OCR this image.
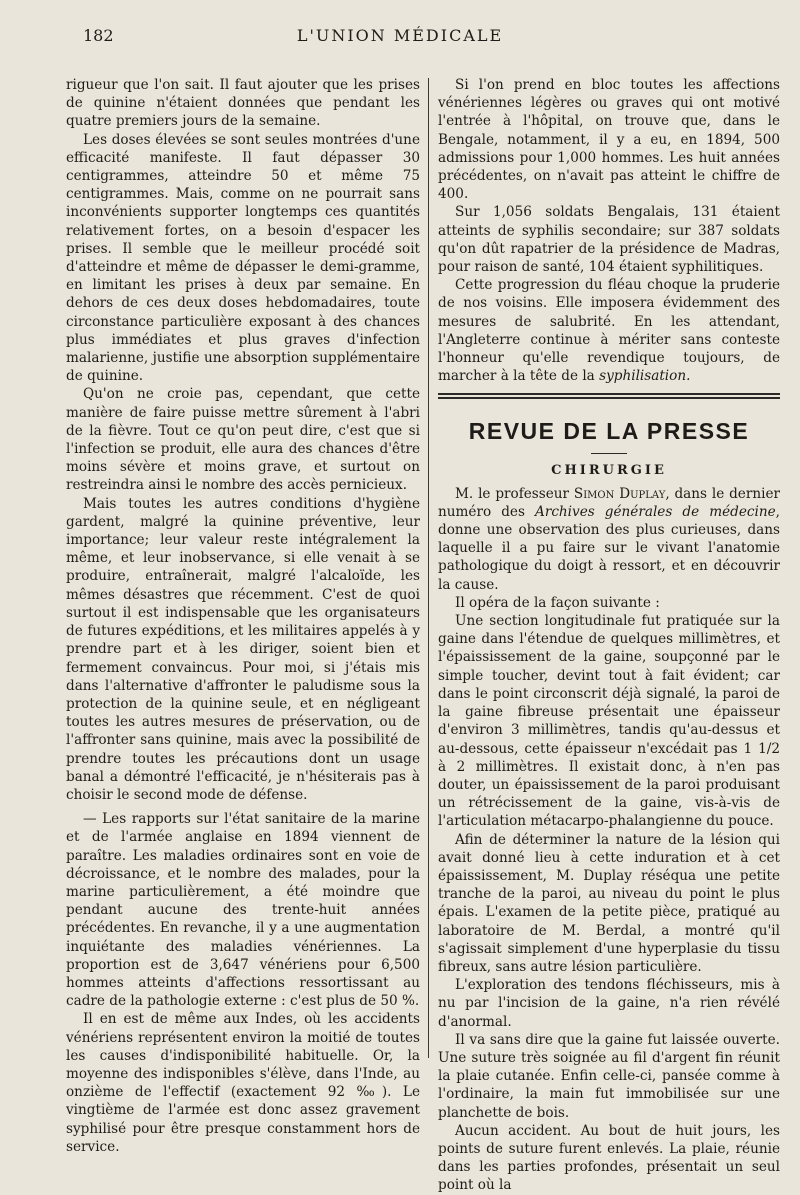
182	L'UNION MÉDICALE

rigueur que l'on sait. Il faut ajouter que les prises de quinine n'étaient données que pendant les quatre premiers jours de la semaine.

Les doses élevées se sont seules montrées d'une efficacité manifeste. Il faut dépasser 30 centigrammes, atteindre 50 et même 75 centigrammes. Mais, comme on ne pourrait sans inconvénients supporter longtemps ces quantités relativement fortes, on a besoin d'espacer les prises. Il semble que le meilleur procédé soit d'atteindre et même de dépasser le demi-gramme, en limitant les prises à deux par semaine. En dehors de ces deux doses hebdomadaires, toute circonstance particulière exposant à des chances plus immédiates et plus graves d'infection malarienne, justifie une absorption supplémentaire de quinine.

Qu'on ne croie pas, cependant, que cette manière de faire puisse mettre sûrement à l'abri de la fièvre. Tout ce qu'on peut dire, c'est que si l'infection se produit, elle aura des chances d'être moins sévère et moins grave, et surtout on restreindra ainsi le nombre des accès pernicieux.

Mais toutes les autres conditions d'hygiène gardent, malgré la quinine préventive, leur importance; leur valeur reste intégralement la même, et leur inobservance, si elle venait à se produire, entraînerait, malgré l'alcaloïde, les mêmes désastres que récemment. C'est de quoi surtout il est indispensable que les organisateurs de futures expéditions, et les militaires appelés à y prendre part et à les diriger, soient bien et fermement convaincus. Pour moi, si j'étais mis dans l'alternative d'affronter le paludisme sous la protection de la quinine seule, et en négligeant toutes les autres mesures de préservation, ou de l'affronter sans quinine, mais avec la possibilité de prendre toutes les précautions dont un usage banal a démontré l'efficacité, je n'hésiterais pas à choisir le second mode de défense.

— Les rapports sur l'état sanitaire de la marine et de l'armée anglaise en 1894 viennent de paraître. Les maladies ordinaires sont en voie de décroissance, et le nombre des malades, pour la marine particulièrement, a été moindre que pendant aucune des trente-huit années précédentes. En revanche, il y a une augmentation inquiétante des maladies vénériennes. La proportion est de 3,647 vénériens pour 6,500 hommes atteints d'affections ressortissant au cadre de la pathologie externe : c'est plus de 50 %.

Il en est de même aux Indes, où les accidents vénériens représentent environ la moitié de toutes les causes d'indisponibilité habituelle. Or, la moyenne des indisponibles s'élève, dans l'Inde, au onzième de l'effectif (exactement 92 ‰). Le vingtième de l'armée est donc assez gravement syphilisé pour être presque constamment hors de service.

Si l'on prend en bloc toutes les affections vénériennes légères ou graves qui ont motivé l'entrée à l'hôpital, on trouve que, dans le Bengale, notamment, il y a eu, en 1894, 500 admissions pour 1,000 hommes. Les huit années précédentes, on n'avait pas atteint le chiffre de 400.

Sur 1,056 soldats Bengalais, 131 étaient atteints de syphilis secondaire; sur 387 soldats qu'on dût rapatrier de la présidence de Madras, pour raison de santé, 104 étaient syphilitiques.

Cette progression du fléau choque la pruderie de nos voisins. Elle imposera évidemment des mesures de salubrité. En les attendant, l'Angleterre continue à mériter sans conteste l'honneur qu'elle revendique toujours, de marcher à la tête de la syphilisation.

REVUE DE LA PRESSE
CHIRURGIE

M. le professeur Simon Duplay, dans le dernier numéro des Archives générales de médecine, donne une observation des plus curieuses, dans laquelle il a pu faire sur le vivant l'anatomie pathologique du doigt à ressort, et en découvrir la cause.

Il opéra de la façon suivante :

Une section longitudinale fut pratiquée sur la gaine dans l'étendue de quelques millimètres, et l'épaississement de la gaine, soupçonné par le simple toucher, devint tout à fait évident; car dans le point circonscrit déjà signalé, la paroi de la gaine fibreuse présentait une épaisseur d'environ 3 millimètres, tandis qu'au-dessus et au-dessous, cette épaisseur n'excédait pas 1 1/2 à 2 millimètres. Il existait donc, à n'en pas douter, un épaississement de la paroi produisant un rétrécissement de la gaine, vis-à-vis de l'articulation métacarpo-phalangienne du pouce.

Afin de déterminer la nature de la lésion qui avait donné lieu à cette induration et à cet épaississement, M. Duplay réséqua une petite tranche de la paroi, au niveau du point le plus épais. L'examen de la petite pièce, pratiqué au laboratoire de M. Berdal, a montré qu'il s'agissait simplement d'une hyperplasie du tissu fibreux, sans autre lésion particulière.

L'exploration des tendons fléchisseurs, mis à nu par l'incision de la gaine, n'a rien révélé d'anormal.

Il va sans dire que la gaine fut laissée ouverte. Une suture très soignée au fil d'argent fin réunit la plaie cutanée. Enfin celle-ci, pansée comme à l'ordinaire, la main fut immobilisée sur une planchette de bois.

Aucun accident. Au bout de huit jours, les points de suture furent enlevés. La plaie, réunie dans les parties profondes, présentait un seul point où la
